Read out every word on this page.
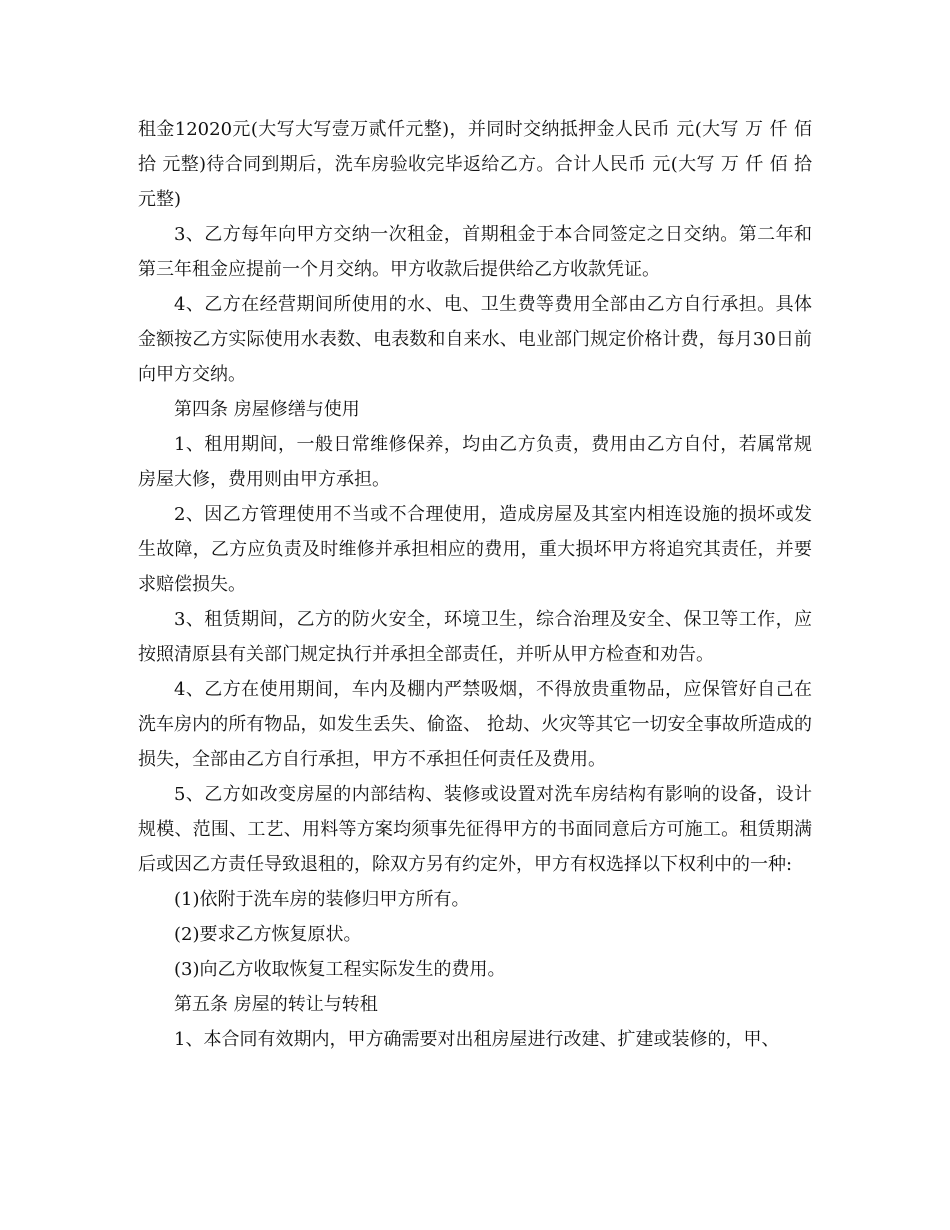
租金12020元(大写大写壹万贰仟元整)，并同时交纳抵押金人民币 元(大写 万 仟 佰 拾 元整)待合同到期后，洗车房验收完毕返给乙方。合计人民币 元(大写 万 仟 佰 拾 元整)

3、乙方每年向甲方交纳一次租金，首期租金于本合同签定之日交纳。第二年和第三年租金应提前一个月交纳。甲方收款后提供给乙方收款凭证。

4、乙方在经营期间所使用的水、电、卫生费等费用全部由乙方自行承担。具体金额按乙方实际使用水表数、电表数和自来水、电业部门规定价格计费，每月30日前向甲方交纳。

第四条 房屋修缮与使用

1、租用期间，一般日常维修保养，均由乙方负责，费用由乙方自付，若属常规房屋大修，费用则由甲方承担。

2、因乙方管理使用不当或不合理使用，造成房屋及其室内相连设施的损坏或发生故障，乙方应负责及时维修并承担相应的费用，重大损坏甲方将追究其责任，并要求赔偿损失。

3、租赁期间，乙方的防火安全，环境卫生，综合治理及安全、保卫等工作，应按照清原县有关部门规定执行并承担全部责任，并听从甲方检查和劝告。

4、乙方在使用期间，车内及棚内严禁吸烟，不得放贵重物品，应保管好自己在洗车房内的所有物品，如发生丢失、偷盗、 抢劫、火灾等其它一切安全事故所造成的损失，全部由乙方自行承担，甲方不承担任何责任及费用。

5、乙方如改变房屋的内部结构、装修或设置对洗车房结构有影响的设备，设计规模、范围、工艺、用料等方案均须事先征得甲方的书面同意后方可施工。租赁期满后或因乙方责任导致退租的，除双方另有约定外，甲方有权选择以下权利中的一种:

(1)依附于洗车房的装修归甲方所有。

(2)要求乙方恢复原状。

(3)向乙方收取恢复工程实际发生的费用。

第五条 房屋的转让与转租

1、本合同有效期内，甲方确需要对出租房屋进行改建、扩建或装修的，甲、
